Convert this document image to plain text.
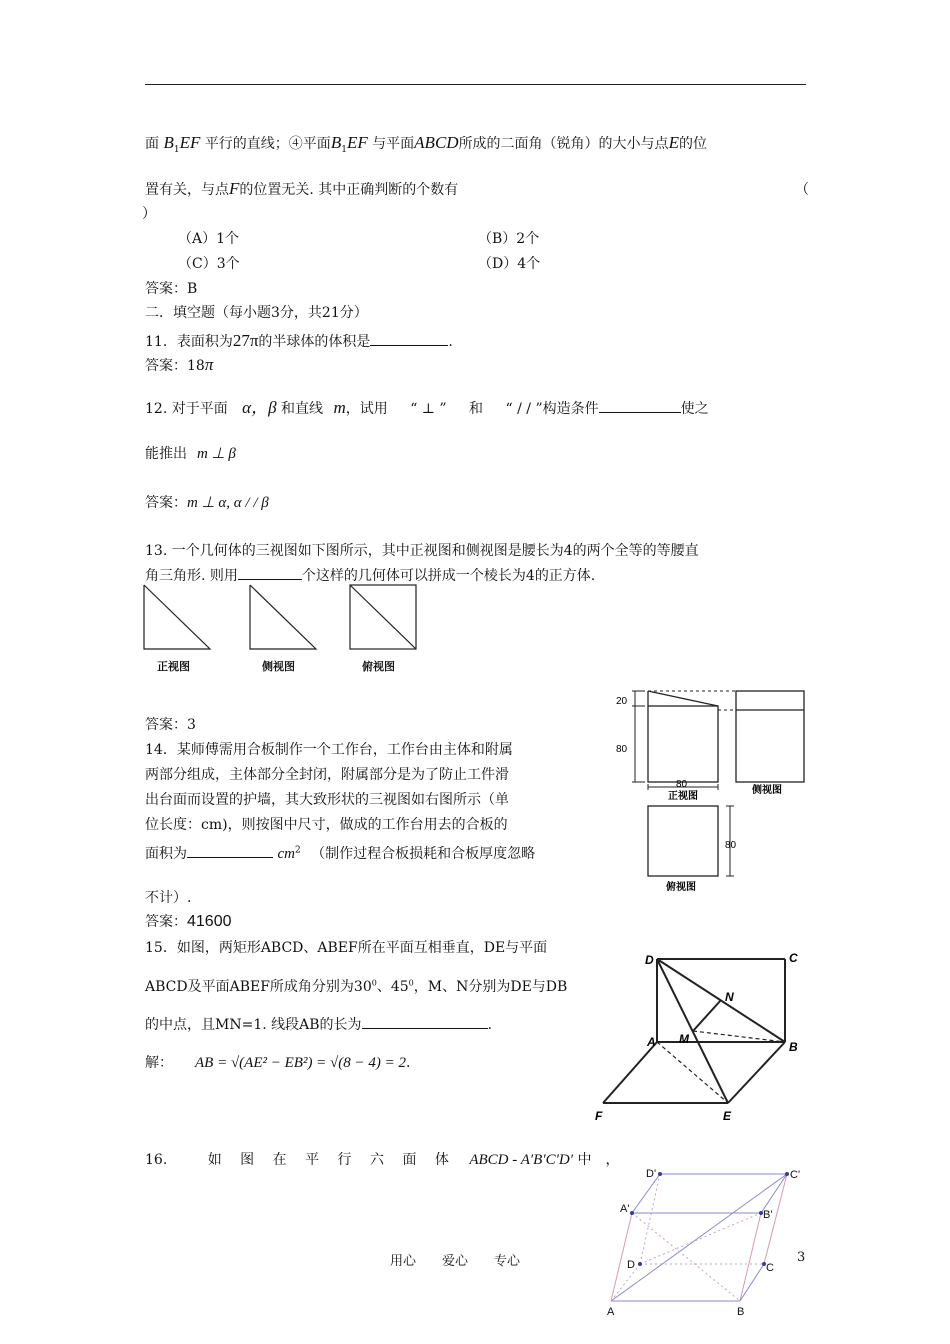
面 $B_1EF$ 平行的直线；④平面$B_1EF$ 与平面ABCD所成的二面角（锐角）的大小与点E的位
置有关，与点F的位置无关. 其中正确判断的个数有	（
）
（A）1个	（B）2个
（C）3个	（D）4个
答案：B
二．填空题（每小题3分，共21分）
11．表面积为27π的半球体的体积是	.
答案：18π
12. 对于平面 α，β 和直线 m，试用 “ ⊥ ” 和 “ / / ”构造条件	使之
能推出 m ⊥ β
答案：m ⊥ α, α / / β
13. 一个几何体的三视图如下图所示，其中正视图和侧视图是腰长为4的两个全等的等腰直
角三角形. 则用	个这样的几何体可以拼成一个棱长为4的正方体.
正视图	侧视图	俯视图
答案：3
14．某师傅需用合板制作一个工作台，工作台由主体和附属
两部分组成，主体部分全封闭，附属部分是为了防止工件滑
出台面而设置的护墙，其大致形状的三视图如右图所示（单
位长度：cm)，则按图中尺寸，做成的工作台用去的合板的
面积为	$cm^2$ （制作过程合板损耗和合板厚度忽略
不计）.
答案：41600
20
80
80
80
正视图
侧视图
俯视图
15．如图，两矩形ABCD、ABEF所在平面互相垂直，DE与平面
ABCD及平面ABEF所成角分别为$30^0$、$45^0$，M、N分别为DE与DB
的中点，且MN=1. 线段AB的长为	.
解： AB = √(AE² − EB²) = √(8 − 4) = 2.
D	C
N
A M
B
F	E
16.	如 图 在 平 行 六 面 体 ABCD - A′B′C′D′ 中　，
D'	C'
A'	B'
D	C
A	B
用心　　爱心　　专心	3
